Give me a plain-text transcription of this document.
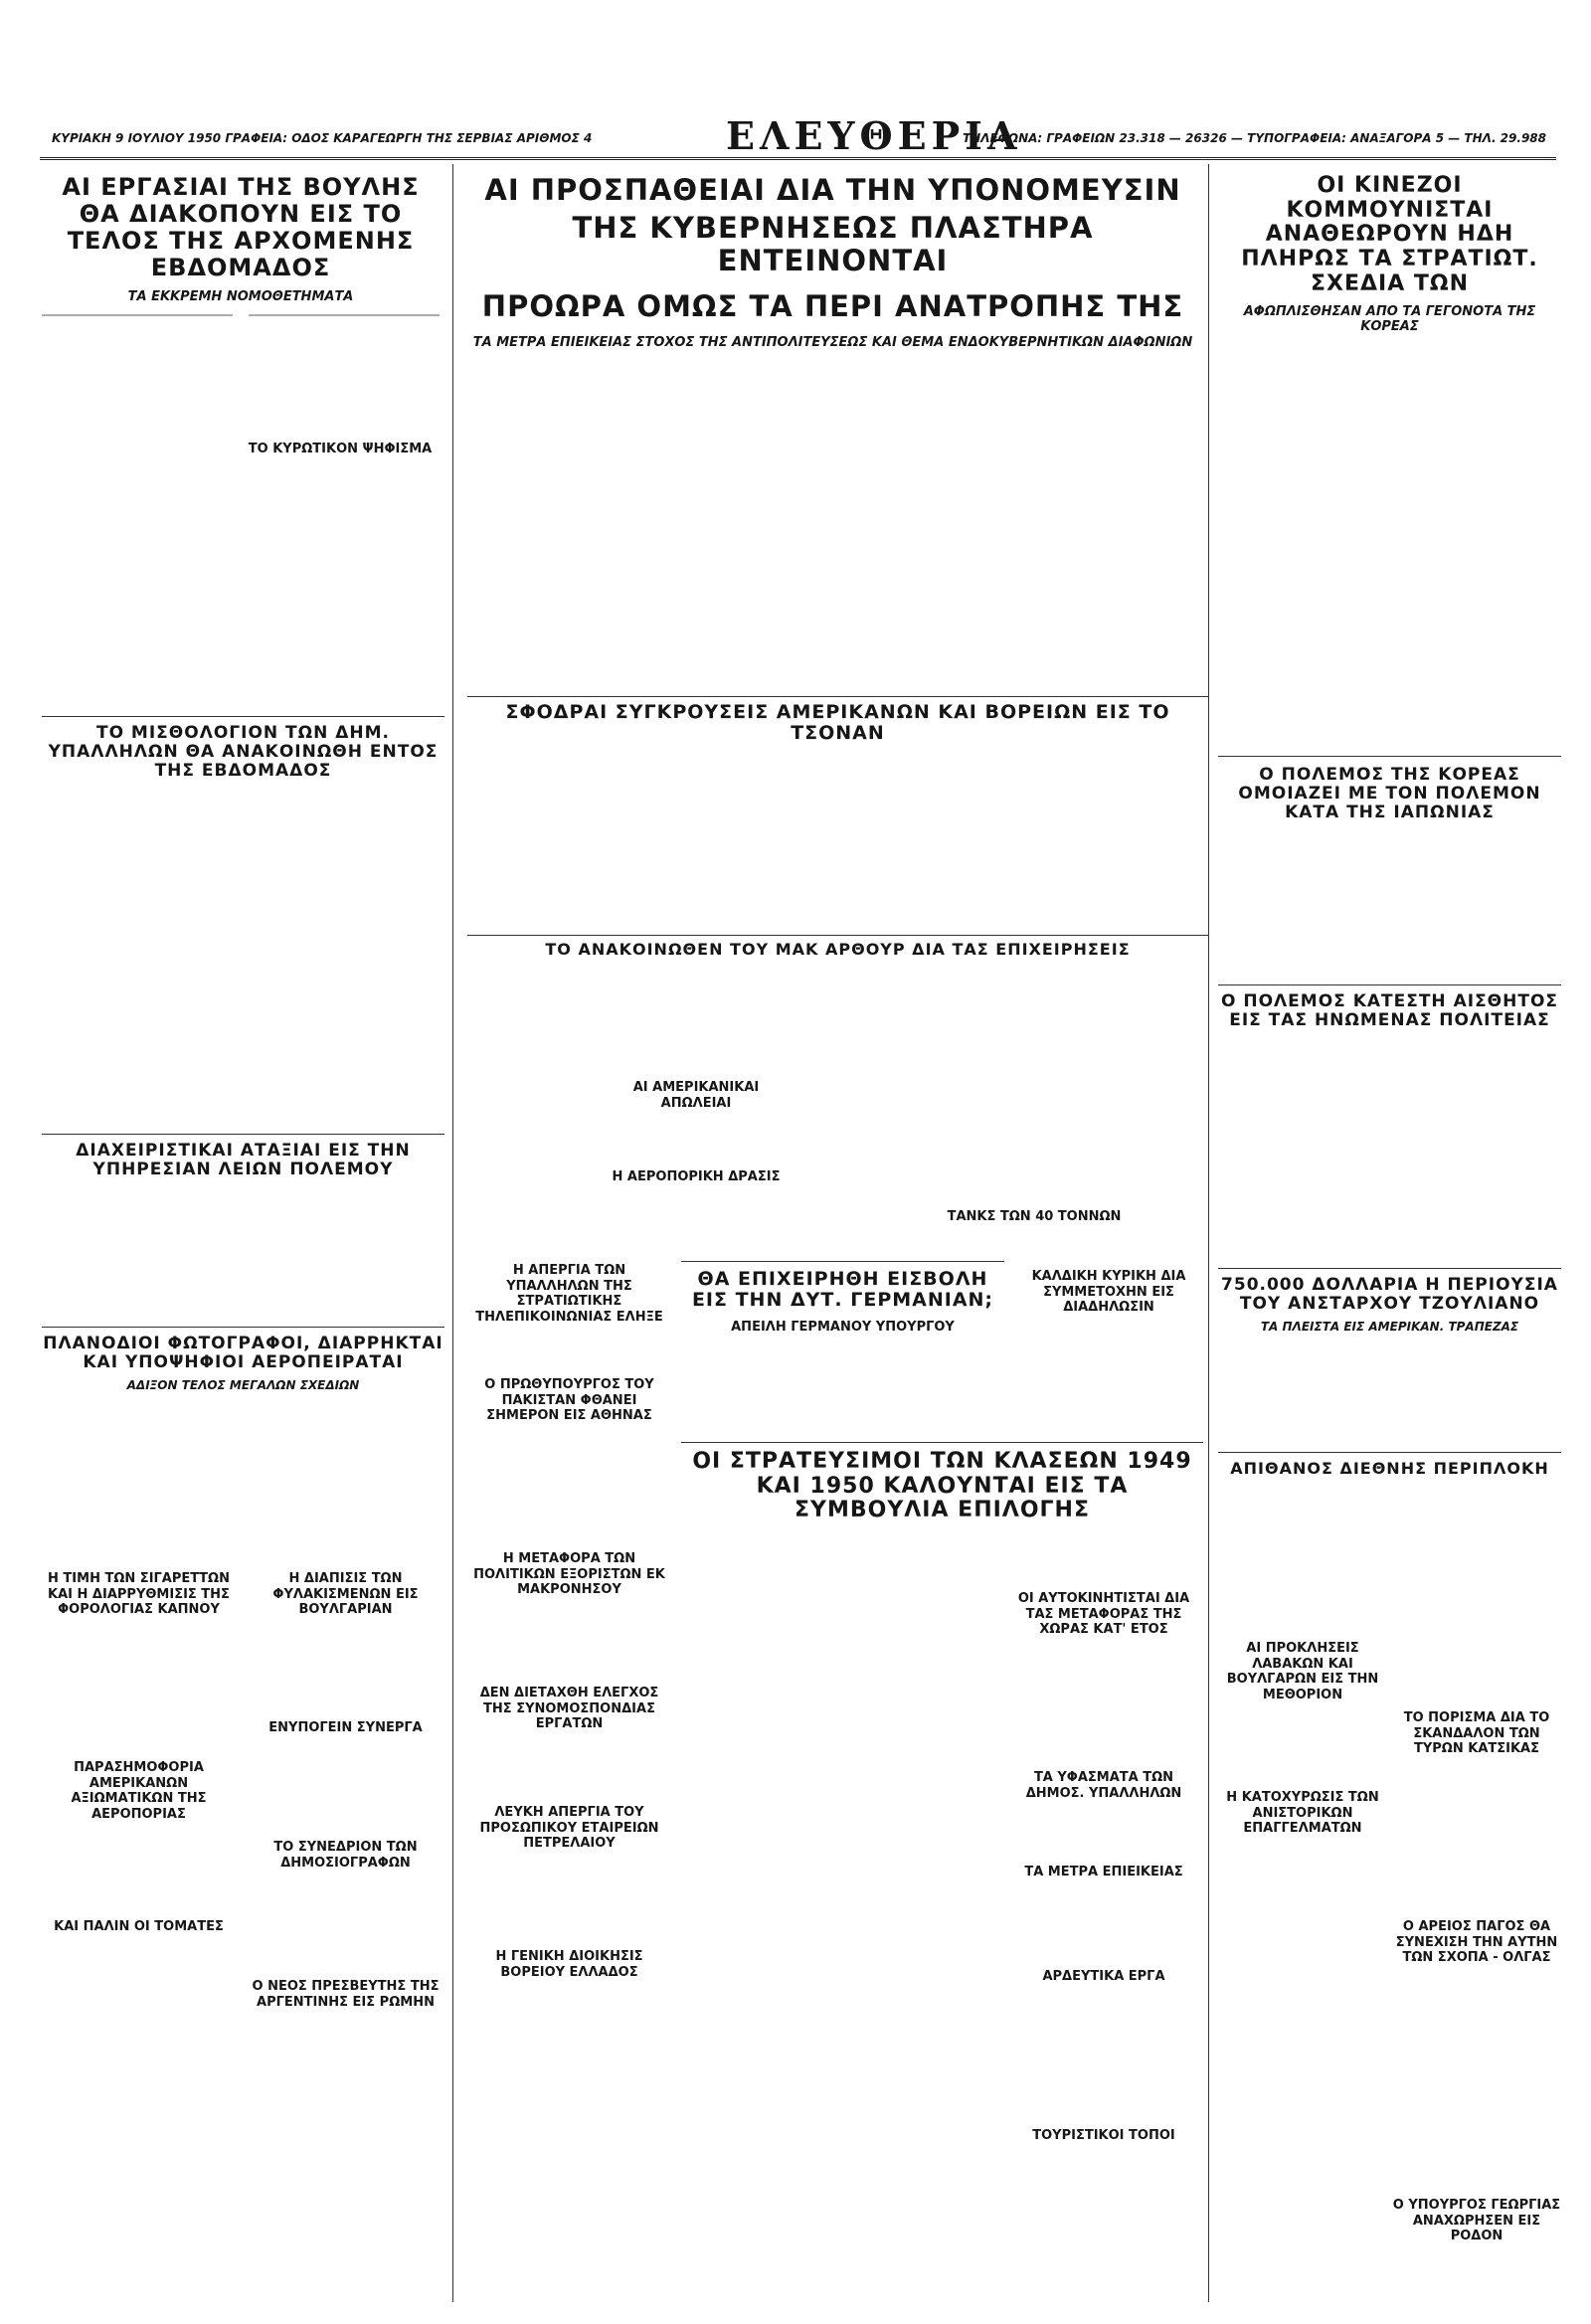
ΚΥΡΙΑΚΗ 9 ΙΟΥΛΙΟΥ 1950 ΓΡΑΦΕΙΑ: ΟΔΟΣ ΚΑΡΑΓΕΩΡΓΗ ΤΗΣ ΣΕΡΒΙΑΣ ΑΡΙΘΜΟΣ 4	ΕΛΕΥΘΕΡΙΑ
ΤΗΛΕΦΩΝΑ: ΓΡΑΦΕΙΩΝ 23.318 — 26326 — ΤΥΠΟΓΡΑΦΕΙΑ: ΑΝΑΞΑΓΟΡΑ 5 — ΤΗΛ. 29.988
ΑΙ ΕΡΓΑΣΙΑΙ ΤΗΣ ΒΟΥΛΗΣ ΘΑ ΔΙΑΚΟΠΟΥΝ ΕΙΣ ΤΟ ΤΕΛΟΣ ΤΗΣ ΑΡΧΟΜΕΝΗΣ ΕΒΔΟΜΑΔΟΣ
ΤΑ ΕΚΚΡΕΜΗ ΝΟΜΟΘΕΤΗΜΑΤΑ
ΤΟ ΚΥΡΩΤΙΚΟΝ ΨΗΦΙΣΜΑ
ΑΙ ΠΡΟΣΠΑΘΕΙΑΙ ΔΙΑ ΤΗΝ ΥΠΟΝΟΜΕΥΣΙΝ
ΤΗΣ ΚΥΒΕΡΝΗΣΕΩΣ ΠΛΑΣΤΗΡΑ ΕΝΤΕΙΝΟΝΤΑΙ
ΠΡΟΩΡΑ ΟΜΩΣ ΤΑ ΠΕΡΙ ΑΝΑΤΡΟΠΗΣ ΤΗΣ
ΤΑ ΜΕΤΡΑ ΕΠΙΕΙΚΕΙΑΣ ΣΤΟΧΟΣ ΤΗΣ ΑΝΤΙΠΟΛΙΤΕΥΣΕΩΣ ΚΑΙ ΘΕΜΑ ΕΝΔΟΚΥΒΕΡΝΗΤΙΚΩΝ ΔΙΑΦΩΝΙΩΝ
ΟΙ ΚΙΝΕΖΟΙ ΚΟΜΜΟΥΝΙΣΤΑΙ ΑΝΑΘΕΩΡΟΥΝ ΗΔΗ ΠΛΗΡΩΣ ΤΑ ΣΤΡΑΤΙΩΤ. ΣΧΕΔΙΑ ΤΩΝ
ΑΦΩΠΛΙΣΘΗΣΑΝ ΑΠΟ ΤΑ ΓΕΓΟΝΟΤΑ ΤΗΣ ΚΟΡΕΑΣ
ΣΦΟΔΡΑΙ ΣΥΓΚΡΟΥΣΕΙΣ ΑΜΕΡΙΚΑΝΩΝ ΚΑΙ ΒΟΡΕΙΩΝ ΕΙΣ ΤΟ ΤΣΟΝΑΝ
Ο ΠΟΛΕΜΟΣ ΤΗΣ ΚΟΡΕΑΣ ΟΜΟΙΑΖΕΙ ΜΕ ΤΟΝ ΠΟΛΕΜΟΝ ΚΑΤΑ ΤΗΣ ΙΑΠΩΝΙΑΣ
ΤΟ ΜΙΣΘΟΛΟΓΙΟΝ ΤΩΝ ΔΗΜ. ΥΠΑΛΛΗΛΩΝ ΘΑ ΑΝΑΚΟΙΝΩΘΗ ΕΝΤΟΣ ΤΗΣ ΕΒΔΟΜΑΔΟΣ
ΤΟ ΑΝΑΚΟΙΝΩΘΕΝ ΤΟΥ ΜΑΚ ΑΡΘΟΥΡ ΔΙΑ ΤΑΣ ΕΠΙΧΕΙΡΗΣΕΙΣ
ΑΙ ΑΜΕΡΙΚΑΝΙΚΑΙ ΑΠΩΛΕΙΑΙ
Η ΑΕΡΟΠΟΡΙΚΗ ΔΡΑΣΙΣ
ΤΑΝΚΣ ΤΩΝ 40 ΤΟΝΝΩΝ
Ο ΠΟΛΕΜΟΣ ΚΑΤΕΣΤΗ ΑΙΣΘΗΤΟΣ ΕΙΣ ΤΑΣ ΗΝΩΜΕΝΑΣ ΠΟΛΙΤΕΙΑΣ
ΔΙΑΧΕΙΡΙΣΤΙΚΑΙ ΑΤΑΞΙΑΙ ΕΙΣ ΤΗΝ ΥΠΗΡΕΣΙΑΝ ΛΕΙΩΝ ΠΟΛΕΜΟΥ
ΘΑ ΕΠΙΧΕΙΡΗΘΗ ΕΙΣΒΟΛΗ ΕΙΣ ΤΗΝ ΔΥΤ. ΓΕΡΜΑΝΙΑΝ;
ΑΠΕΙΛΗ ΓΕΡΜΑΝΟΥ ΥΠΟΥΡΓΟΥ
ΚΑΛΔΙΚΗ ΚΥΡΙΚΗ ΔΙΑ ΣΥΜΜΕΤΟΧΗΝ ΕΙΣ ΔΙΑΔΗΛΩΣΙΝ
750.000 ΔΟΛΛΑΡΙΑ Η ΠΕΡΙΟΥΣΙΑ ΤΟΥ ΑΝΣΤΑΡΧΟΥ ΤΖΟΥΛΙΑΝΟ
ΤΑ ΠΛΕΙΣΤΑ ΕΙΣ ΑΜΕΡΙΚΑΝ. ΤΡΑΠΕΖΑΣ
ΑΠΙΘΑΝΟΣ ΔΙΕΘΝΗΣ ΠΕΡΙΠΛΟΚΗ
ΠΛΑΝΟΔΙΟΙ ΦΩΤΟΓΡΑΦΟΙ, ΔΙΑΡΡΗΚΤΑΙ ΚΑΙ ΥΠΟΨΗΦΙΟΙ ΑΕΡΟΠΕΙΡΑΤΑΙ
ΑΔΙΞΟΝ ΤΕΛΟΣ ΜΕΓΑΛΩΝ ΣΧΕΔΙΩΝ
ΟΙ ΣΤΡΑΤΕΥΣΙΜΟΙ ΤΩΝ ΚΛΑΣΕΩΝ 1949 ΚΑΙ 1950 ΚΑΛΟΥΝΤΑΙ ΕΙΣ ΤΑ ΣΥΜΒΟΥΛΙΑ ΕΠΙΛΟΓΗΣ
Η ΤΙΜΗ ΤΩΝ ΣΙΓΑΡΕΤΤΩΝ ΚΑΙ Η ΔΙΑΡΡΥΘΜΙΣΙΣ ΤΗΣ ΦΟΡΟΛΟΓΙΑΣ ΚΑΠΝΟΥ
ΠΑΡΑΣΗΜΟΦΟΡΙΑ ΑΜΕΡΙΚΑΝΩΝ ΑΞΙΩΜΑΤΙΚΩΝ ΤΗΣ ΑΕΡΟΠΟΡΙΑΣ
ΚΑΙ ΠΑΛΙΝ ΟΙ ΤΟΜΑΤΕΣ
Η ΔΙΑΠΙΣΙΣ ΤΩΝ ΦΥΛΑΚΙΣΜΕΝΩΝ ΕΙΣ ΒΟΥΛΓΑΡΙΑΝ
ΕΝΥΠΟΓΕΙΝ ΣΥΝΕΡΓΑ
ΤΟ ΣΥΝΕΔΡΙΟΝ ΤΩΝ ΔΗΜΟΣΙΟΓΡΑΦΩΝ
Ο ΝΕΟΣ ΠΡΕΣΒΕΥΤΗΣ ΤΗΣ ΑΡΓΕΝΤΙΝΗΣ ΕΙΣ ΡΩΜΗΝ
Η ΑΠΕΡΓΙΑ ΤΩΝ ΥΠΑΛΛΗΛΩΝ ΤΗΣ ΣΤΡΑΤΙΩΤΙΚΗΣ ΤΗΛΕΠΙΚΟΙΝΩΝΙΑΣ ΕΛΗΞΕ
Ο ΠΡΩΘΥΠΟΥΡΓΟΣ ΤΟΥ ΠΑΚΙΣΤΑΝ ΦΘΑΝΕΙ ΣΗΜΕΡΟΝ ΕΙΣ ΑΘΗΝΑΣ
Η ΜΕΤΑΦΟΡΑ ΤΩΝ ΠΟΛΙΤΙΚΩΝ ΕΞΟΡΙΣΤΩΝ ΕΚ ΜΑΚΡΟΝΗΣΟΥ
ΔΕΝ ΔΙΕΤΑΧΘΗ ΕΛΕΓΧΟΣ ΤΗΣ ΣΥΝΟΜΟΣΠΟΝΔΙΑΣ ΕΡΓΑΤΩΝ
ΛΕΥΚΗ ΑΠΕΡΓΙΑ ΤΟΥ ΠΡΟΣΩΠΙΚΟΥ ΕΤΑΙΡΕΙΩΝ ΠΕΤΡΕΛΑΙΟΥ
Η ΓΕΝΙΚΗ ΔΙΟΙΚΗΣΙΣ ΒΟΡΕΙΟΥ ΕΛΛΑΔΟΣ
ΟΙ ΑΥΤΟΚΙΝΗΤΙΣΤΑΙ ΔΙΑ ΤΑΣ ΜΕΤΑΦΟΡΑΣ ΤΗΣ ΧΩΡΑΣ ΚΑΤ' ΕΤΟΣ
ΤΑ ΥΦΑΣΜΑΤΑ ΤΩΝ ΔΗΜΟΣ. ΥΠΑΛΛΗΛΩΝ
ΤΑ ΜΕΤΡΑ ΕΠΙΕΙΚΕΙΑΣ
ΑΡΔΕΥΤΙΚΑ ΕΡΓΑ
ΤΟΥΡΙΣΤΙΚΟΙ ΤΟΠΟΙ
ΑΙ ΠΡΟΚΛΗΣΕΙΣ ΛΑΒΑΚΩΝ ΚΑΙ ΒΟΥΛΓΑΡΩΝ ΕΙΣ ΤΗΝ ΜΕΘΟΡΙΟΝ
Η ΚΑΤΟΧΥΡΩΣΙΣ ΤΩΝ ΑΝΙΣΤΟΡΙΚΩΝ ΕΠΑΓΓΕΛΜΑΤΩΝ
ΤΟ ΠΟΡΙΣΜΑ ΔΙΑ ΤΟ ΣΚΑΝΔΑΛΟΝ ΤΩΝ ΤΥΡΩΝ ΚΑΤΣΙΚΑΣ
Ο ΑΡΕΙΟΣ ΠΑΓΟΣ ΘΑ ΣΥΝΕΧΙΣΗ ΤΗΝ ΑΥΤΗΝ ΤΩΝ ΣΧΟΠΑ - ΟΛΓΑΣ
Ο ΥΠΟΥΡΓΟΣ ΓΕΩΡΓΙΑΣ ΑΝΑΧΩΡΗΣΕΝ ΕΙΣ ΡΟΔΟΝ
